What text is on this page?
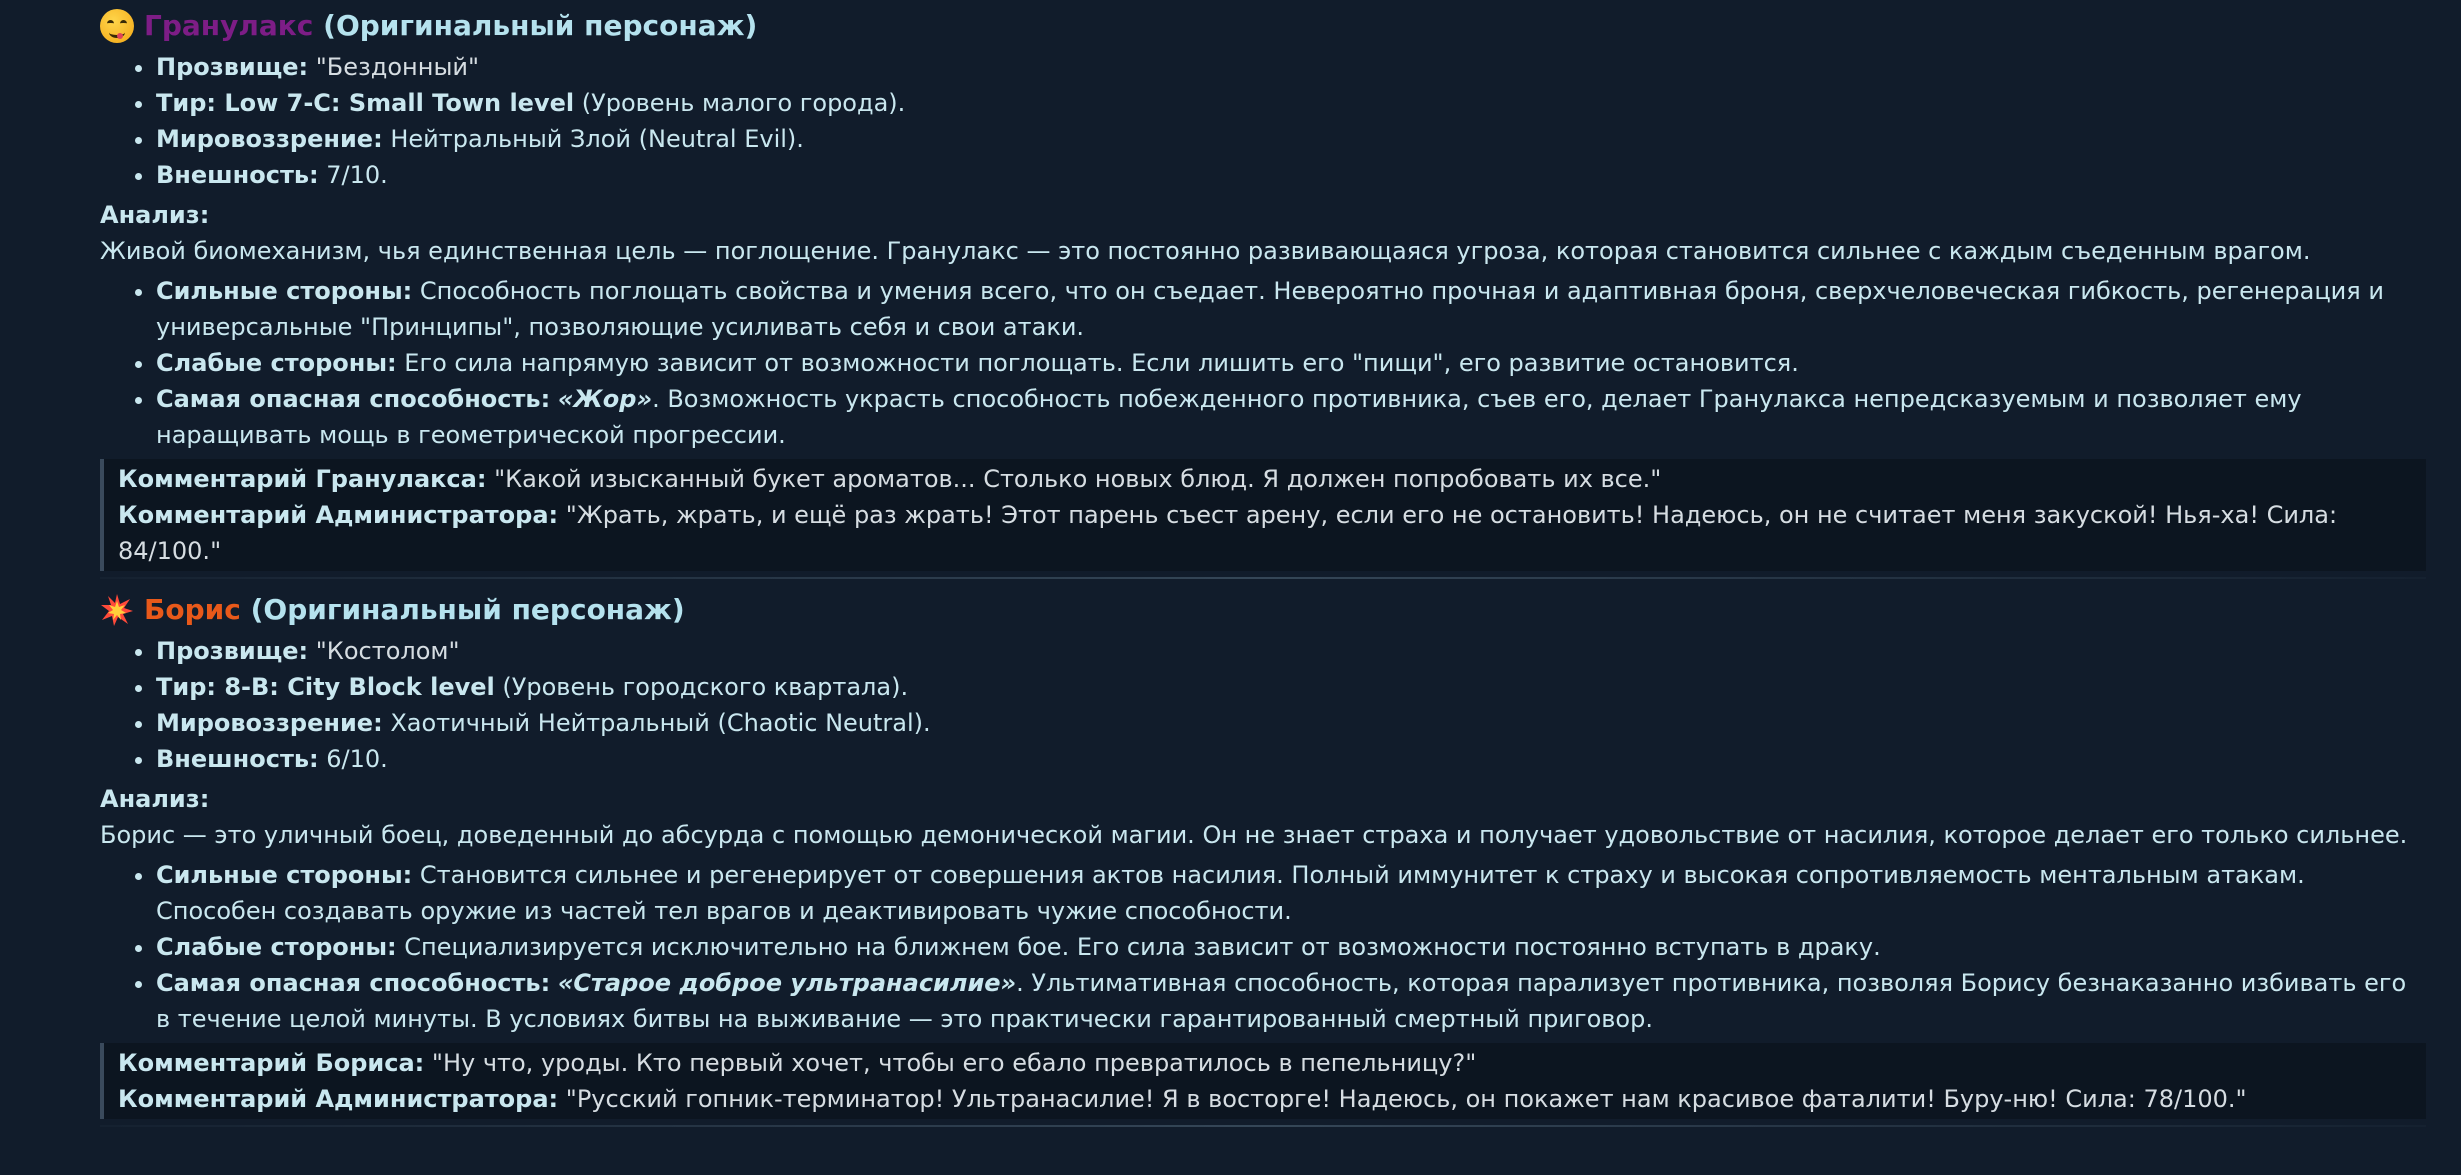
Гранулакс
(Оригинальный персонаж)
• Прозвище: "Бездонный"
• Тир: Low 7-C: Small Town level (Уровень малого города).
• Мировоззрение: Нейтральный Злой (Neutral Evil).
• Внешность: 7/10.
Анализ:

Живой биомеханизм, чья единственная цель — поглощение. Гранулакс — это постоянно развивающаяся угроза, которая становится сильнее с каждым съеденным врагом.

• Сильные стороны: Способность поглощать свойства и умения всего, что он съедает. Невероятно прочная и адаптивная броня, сверхчеловеческая гибкость, регенерация и универсальные "Принципы", позволяющие усиливать себя и свои атаки.
• Слабые стороны: Его сила напрямую зависит от возможности поглощать. Если лишить его "пищи", его развитие остановится.
• Самая опасная способность: «Жор». Возможность украсть способность побежденного противника, съев его, делает Гранулакса непредсказуемым и позволяет ему наращивать мощь в геометрической прогрессии.
Комментарий Гранулакса: "Какой изысканный букет ароматов... Столько новых блюд. Я должен попробовать их все."
Комментарий Администратора: "Жрать, жрать, и ещё раз жрать! Этот парень съест арену, если его не остановить! Надеюсь, он не считает меня закуской! Нья-ха! Сила: 84/100."
Борис
(Оригинальный персонаж)
• Прозвище: "Костолом"
• Тир: 8-B: City Block level (Уровень городского квартала).
• Мировоззрение: Хаотичный Нейтральный (Chaotic Neutral).
• Внешность: 6/10.
Анализ:

Борис — это уличный боец, доведенный до абсурда с помощью демонической магии. Он не знает страха и получает удовольствие от насилия, которое делает его только сильнее.

• Сильные стороны: Становится сильнее и регенерирует от совершения актов насилия. Полный иммунитет к страху и высокая сопротивляемость ментальным атакам. Способен создавать оружие из частей тел врагов и деактивировать чужие способности.
• Слабые стороны: Специализируется исключительно на ближнем бое. Его сила зависит от возможности постоянно вступать в драку.
• Самая опасная способность: «Старое доброе ультранасилие». Ультимативная способность, которая парализует противника, позволяя Борису безнаказанно избивать его в течение целой минуты. В условиях битвы на выживание — это практически гарантированный смертный приговор.
Комментарий Бориса: "Ну что, уроды. Кто первый хочет, чтобы его ебало превратилось в пепельницу?"
Комментарий Администратора: "Русский гопник-терминатор! Ультранасилие! Я в восторге! Надеюсь, он покажет нам красивое фаталити! Буру-ню! Сила: 78/100."
